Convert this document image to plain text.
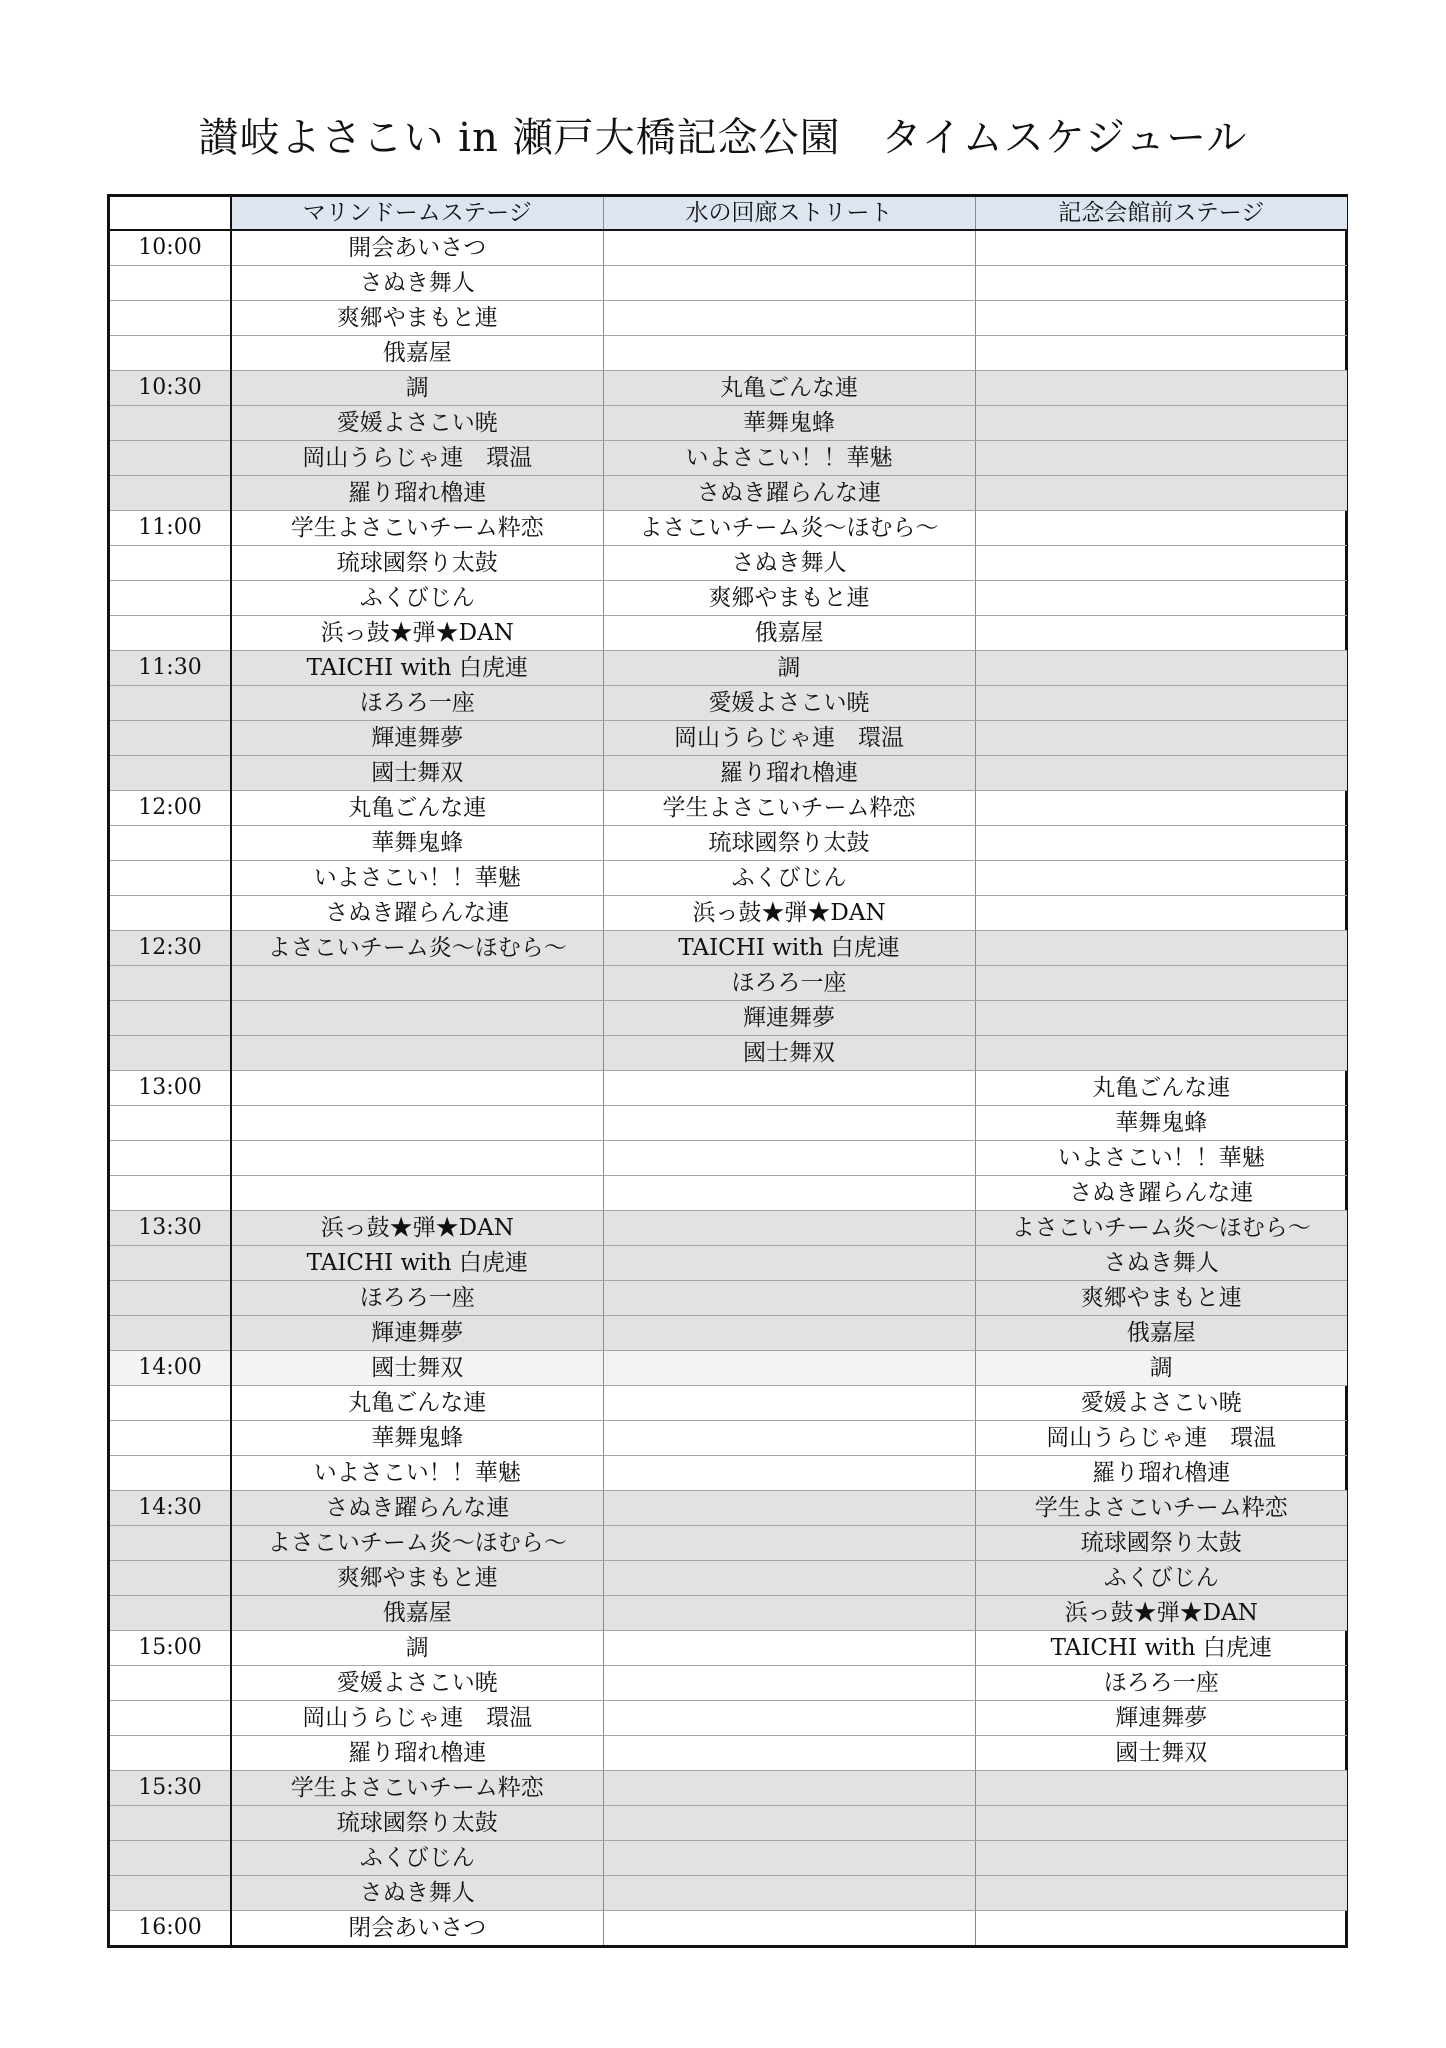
讃岐よさこい in 瀬戸大橋記念公園　タイムスケジュール
	マリンドームステージ	水の回廊ストリート	記念会館前ステージ
10:00	開会あいさつ		
	さぬき舞人		
	爽郷やまもと連		
	俄嘉屋		
10:30	調	丸亀ごんな連	
	愛媛よさこい暁	華舞鬼蜂	
	岡山うらじゃ連　環温	いよさこい！！華魅	
	羅り瑠れ櫓連	さぬき躍らんな連	
11:00	学生よさこいチーム粋恋	よさこいチーム炎～ほむら～	
	琉球國祭り太鼓	さぬき舞人	
	ふくびじん	爽郷やまもと連	
	浜っ鼓★弾★DAN	俄嘉屋	
11:30	TAICHI with 白虎連	調	
	ほろろ一座	愛媛よさこい暁	
	輝連舞夢	岡山うらじゃ連　環温	
	國士舞双	羅り瑠れ櫓連	
12:00	丸亀ごんな連	学生よさこいチーム粋恋	
	華舞鬼蜂	琉球國祭り太鼓	
	いよさこい！！華魅	ふくびじん	
	さぬき躍らんな連	浜っ鼓★弾★DAN	
12:30	よさこいチーム炎～ほむら～	TAICHI with 白虎連	
		ほろろ一座	
		輝連舞夢	
		國士舞双	
13:00			丸亀ごんな連
			華舞鬼蜂
			いよさこい！！華魅
			さぬき躍らんな連
13:30	浜っ鼓★弾★DAN		よさこいチーム炎～ほむら～
	TAICHI with 白虎連		さぬき舞人
	ほろろ一座		爽郷やまもと連
	輝連舞夢		俄嘉屋
14:00	國士舞双		調
	丸亀ごんな連		愛媛よさこい暁
	華舞鬼蜂		岡山うらじゃ連　環温
	いよさこい！！華魅		羅り瑠れ櫓連
14:30	さぬき躍らんな連		学生よさこいチーム粋恋
	よさこいチーム炎～ほむら～		琉球國祭り太鼓
	爽郷やまもと連		ふくびじん
	俄嘉屋		浜っ鼓★弾★DAN
15:00	調		TAICHI with 白虎連
	愛媛よさこい暁		ほろろ一座
	岡山うらじゃ連　環温		輝連舞夢
	羅り瑠れ櫓連		國士舞双
15:30	学生よさこいチーム粋恋		
	琉球國祭り太鼓		
	ふくびじん		
	さぬき舞人		
16:00	閉会あいさつ		
